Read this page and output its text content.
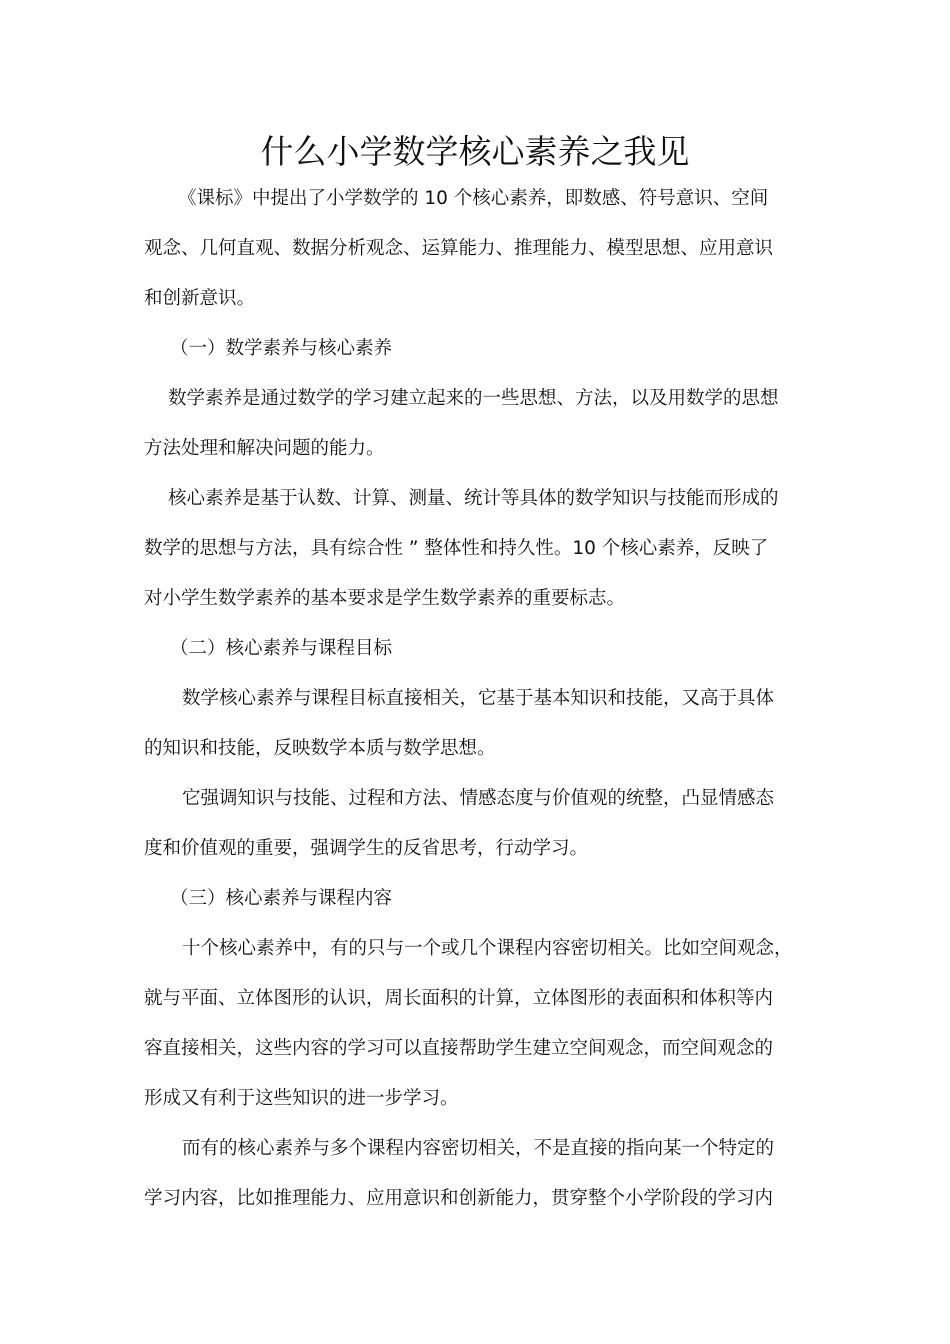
什么小学数学核心素养之我见
《课标》中提出了小学数学的 10 个核心素养，即数感、符号意识、空间
观念、几何直观、数据分析观念、运算能力、推理能力、模型思想、应用意识
和创新意识。
（一）数学素养与核心素养
数学素养是通过数学的学习建立起来的一些思想、方法，以及用数学的思想
方法处理和解决问题的能力。
核心素养是基于认数、计算、测量、统计等具体的数学知识与技能而形成的
数学的思想与方法，具有综合性 ” 整体性和持久性。10 个核心素养，反映了
对小学生数学素养的基本要求是学生数学素养的重要标志。
（二）核心素养与课程目标
数学核心素养与课程目标直接相关，它基于基本知识和技能，又高于具体
的知识和技能，反映数学本质与数学思想。
它强调知识与技能、过程和方法、情感态度与价值观的统整，凸显情感态
度和价值观的重要，强调学生的反省思考，行动学习。
（三）核心素养与课程内容
十个核心素养中，有的只与一个或几个课程内容密切相关。比如空间观念，
就与平面、立体图形的认识，周长面积的计算，立体图形的表面积和体积等内
容直接相关，这些内容的学习可以直接帮助学生建立空间观念，而空间观念的
形成又有利于这些知识的进一步学习。
而有的核心素养与多个课程内容密切相关，不是直接的指向某一个特定的
学习内容，比如推理能力、应用意识和创新能力，贯穿整个小学阶段的学习内
